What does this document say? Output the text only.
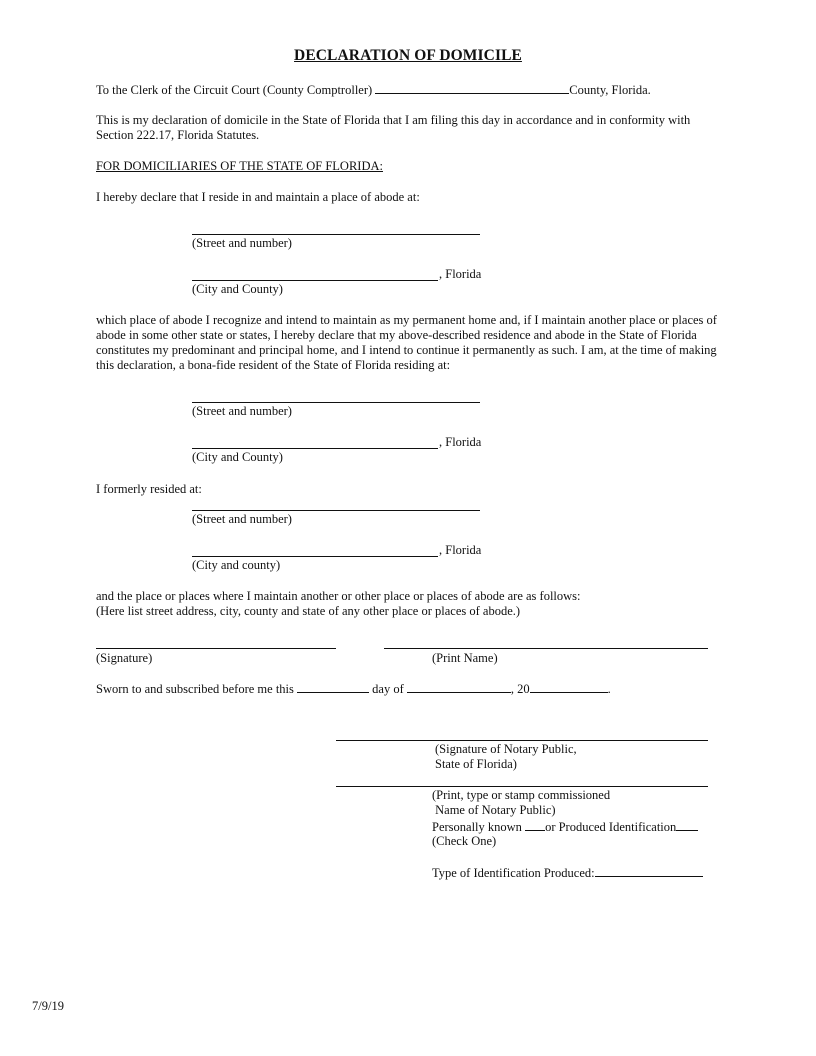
DECLARATION OF DOMICILE
To the Clerk of the Circuit Court (County Comptroller)	County, Florida.
This is my declaration of domicile in the State of Florida that I am filing this day in accordance and in conformity with Section 222.17, Florida Statutes.
FOR DOMICILIARIES OF THE STATE OF FLORIDA:
I hereby declare that I reside in and maintain a place of abode at:
(Street and number)
, Florida
(City and County)
which place of abode I recognize and intend to maintain as my permanent home and, if I maintain another place or places of abode in some other state or states, I hereby declare that my above-described residence and abode in the State of Florida constitutes my predominant and principal home, and I intend to continue it permanently as such. I am, at the time of making this declaration, a bona-fide resident of the State of Florida residing at:
(Street and number)
, Florida
(City and County)
I formerly resided at:
(Street and number)
, Florida
(City and county)
and the place or places where I maintain another or other place or places of abode are as follows:
(Here list street address, city, county and state of any other place or places of abode.)
(Signature)	(Print Name)
Sworn to and subscribed before me this	day of	, 20	.
(Signature of Notary Public,
State of Florida)
(Print, type or stamp commissioned
Name of Notary Public)
Personally known or Produced Identification
(Check One)
Type of Identification Produced:
7/9/19
